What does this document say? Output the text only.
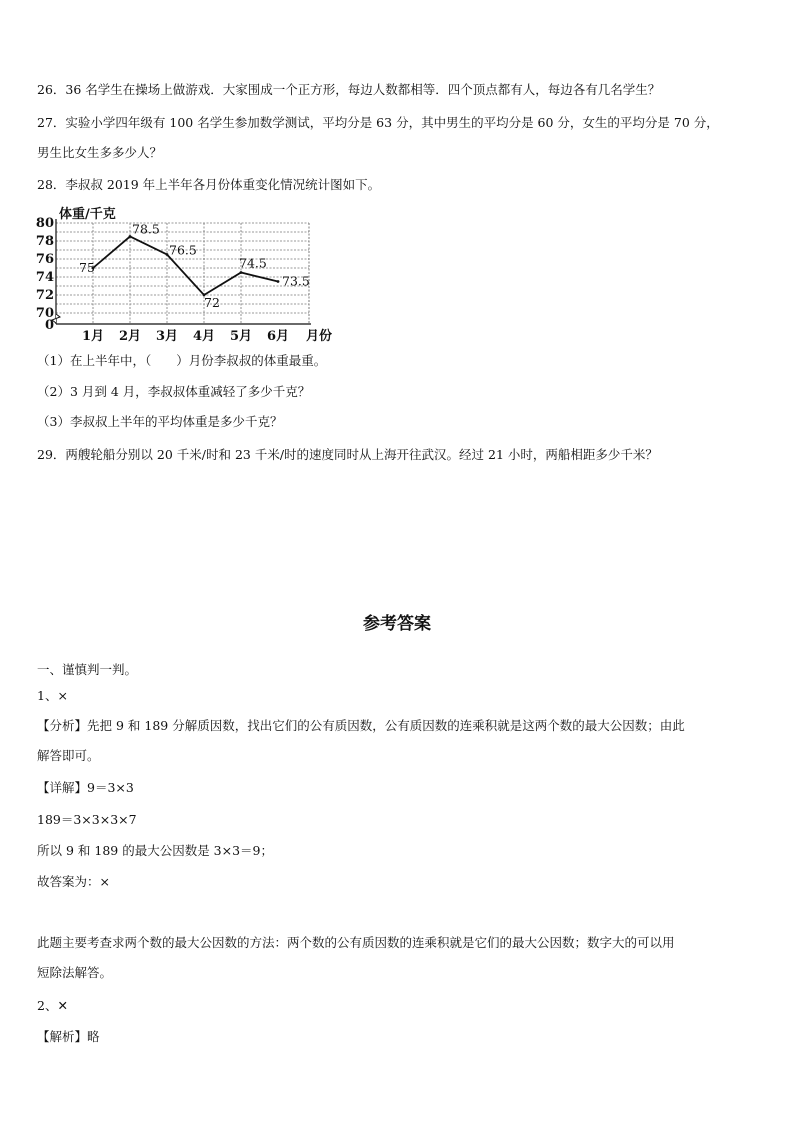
26．36 名学生在操场上做游戏．大家围成一个正方形，每边人数都相等．四个顶点都有人，每边各有几名学生？
27．实验小学四年级有 100 名学生参加数学测试，平均分是 63 分，其中男生的平均分是 60 分，女生的平均分是 70 分，
男生比女生多多少人？
28．李叔叔 2019 年上半年各月份体重变化情况统计图如下。
80
78
76
74
72
70
0
体重/千克
1月 2月 3月 4月 5月 6月 月份
75
78.5
76.5
72
74.5
73.5
（1）在上半年中，（　　）月份李叔叔的体重最重。
（2）3 月到 4 月，李叔叔体重减轻了多少千克？
（3）李叔叔上半年的平均体重是多少千克？
29．两艘轮船分别以 20 千米/时和 23 千米/时的速度同时从上海开往武汉。经过 21 小时，两船相距多少千米？
参考答案
一、谨慎判一判。
1、×
【分析】先把 9 和 189 分解质因数，找出它们的公有质因数，公有质因数的连乘积就是这两个数的最大公因数；由此
解答即可。
【详解】9＝3×3
189＝3×3×3×7
所以 9 和 189 的最大公因数是 3×3＝9；
故答案为：×
此题主要考查求两个数的最大公因数的方法：两个数的公有质因数的连乘积就是它们的最大公因数；数字大的可以用
短除法解答。
2、✕
【解析】略
